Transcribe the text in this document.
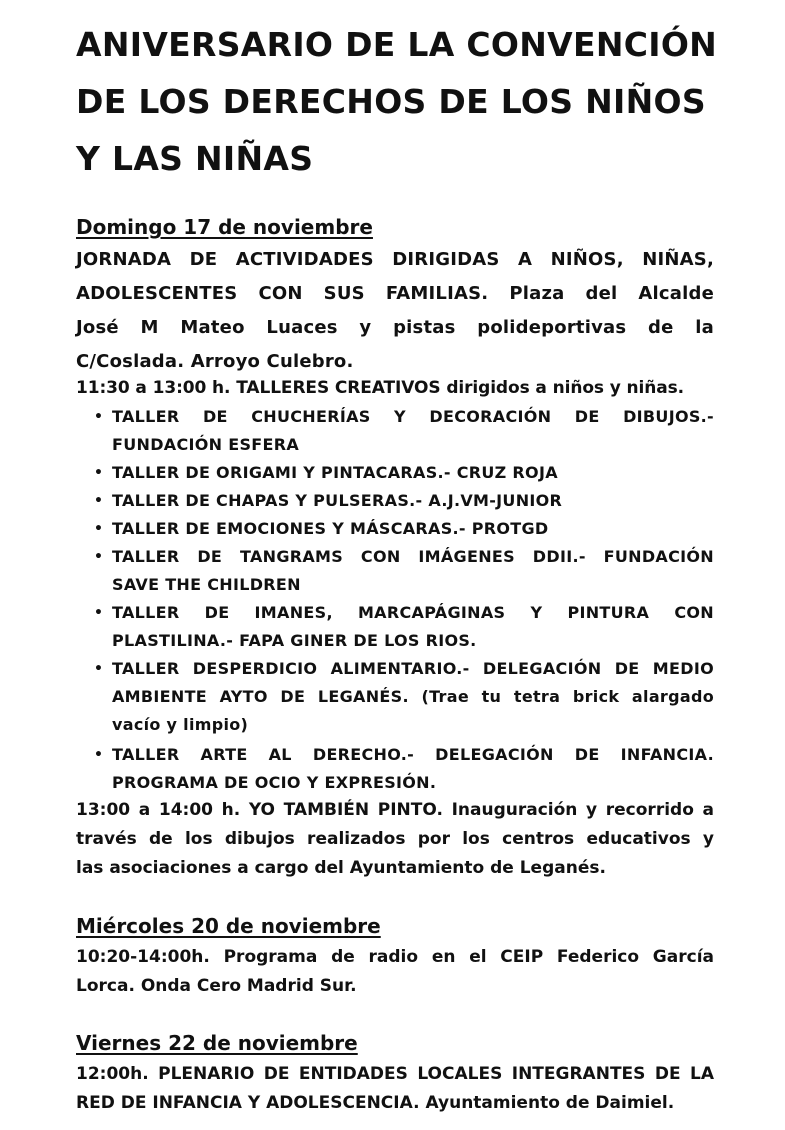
ANIVERSARIO DE LA CONVENCIÓN
DE LOS DERECHOS DE LOS NIÑOS
Y LAS NIÑAS
Domingo 17 de noviembre
JORNADA DE ACTIVIDADES DIRIGIDAS A NIÑOS, NIÑAS,
ADOLESCENTES CON SUS FAMILIAS. Plaza del Alcalde
José M Mateo Luaces y pistas polideportivas de la
C/Coslada. Arroyo Culebro.
11:30 a 13:00 h. TALLERES CREATIVOS dirigidos a niños y niñas.
• TALLER DE CHUCHERÍAS Y DECORACIÓN DE DIBUJOS.-
FUNDACIÓN ESFERA
• TALLER DE ORIGAMI Y PINTACARAS.- CRUZ ROJA
• TALLER DE CHAPAS Y PULSERAS.- A.J.VM-JUNIOR
• TALLER DE EMOCIONES Y MÁSCARAS.- PROTGD
• TALLER DE TANGRAMS CON IMÁGENES DDII.- FUNDACIÓN
SAVE THE CHILDREN
• TALLER DE IMANES, MARCAPÁGINAS Y PINTURA CON
PLASTILINA.- FAPA GINER DE LOS RIOS.
• TALLER DESPERDICIO ALIMENTARIO.- DELEGACIÓN DE MEDIO
AMBIENTE AYTO DE LEGANÉS. (Trae tu tetra brick alargado
vacío y limpio)
• TALLER ARTE AL DERECHO.- DELEGACIÓN DE INFANCIA.
PROGRAMA DE OCIO Y EXPRESIÓN.
13:00 a 14:00 h. YO TAMBIÉN PINTO. Inauguración y recorrido a
través de los dibujos realizados por los centros educativos y
las asociaciones a cargo del Ayuntamiento de Leganés.
Miércoles 20 de noviembre
10:20-14:00h. Programa de radio en el CEIP Federico García
Lorca. Onda Cero Madrid Sur.
Viernes 22 de noviembre
12:00h. PLENARIO DE ENTIDADES LOCALES INTEGRANTES DE LA
RED DE INFANCIA Y ADOLESCENCIA. Ayuntamiento de Daimiel.
